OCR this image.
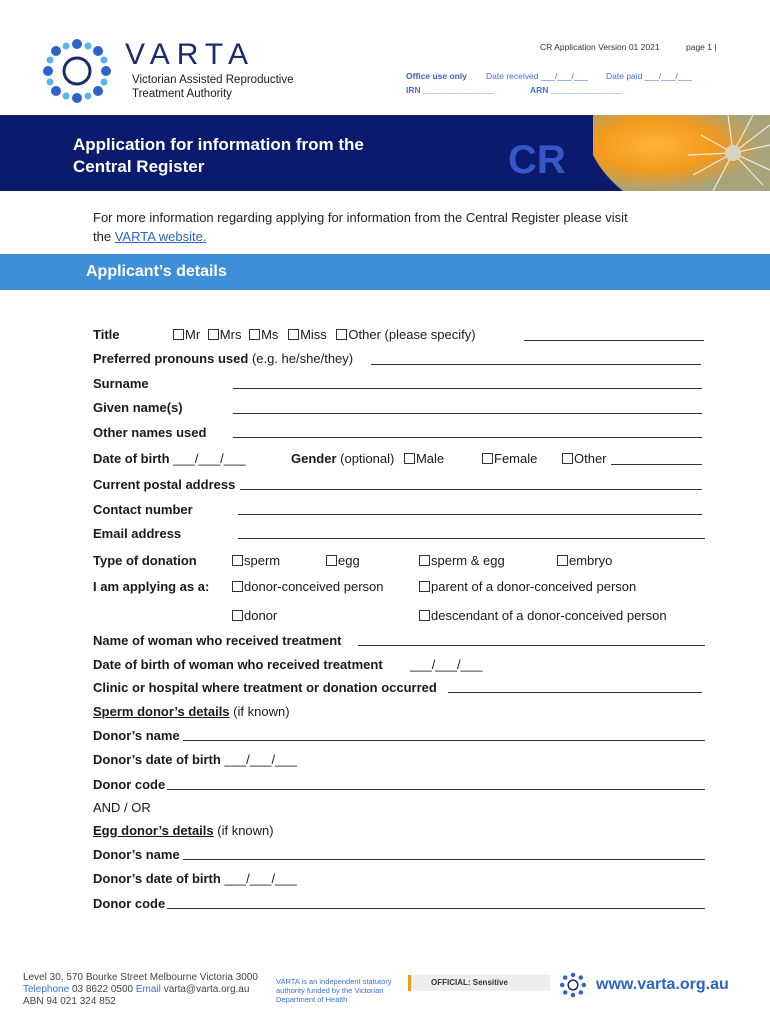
VARTA
Victorian Assisted Reproductive
Treatment Authority
CR Application Version 01 2021	page 1 |
Office use only Date received ___/___/___ Date paid ___/___/___
IRN _______________	ARN _______________
Application for information from the
Central Register	CR
For more information regarding applying for information from the Central Register please visit
the VARTA website.
Applicant’s details
Title	Mr Mrs Ms Miss Other (please specify)
Preferred pronouns used (e.g. he/she/they)
Surname
Given name(s)
Other names used
Date of birth ___/___/___	Gender (optional) Male	Female	Other
Current postal address
Contact number
Email address
Type of donation	sperm	egg	sperm & egg	embryo
I am applying as a:	donor-conceived person	parent of a donor-conceived person
donor	descendant of a donor-conceived person
Name of woman who received treatment
Date of birth of woman who received treatment ___/___/___
Clinic or hospital where treatment or donation occurred
Sperm donor’s details (if known)
Donor’s name
Donor’s date of birth ___/___/___
Donor code
AND / OR
Egg donor’s details (if known)
Donor’s name
Donor’s date of birth ___/___/___
Donor code
Level 30, 570 Bourke Street Melbourne Victoria 3000
Telephone 03 8622 0500 Email varta@varta.org.au
ABN 94 021 324 852
VARTA is an independent statutory
authority funded by the Victorian
Department of Health
OFFICIAL: Sensitive	www.varta.org.au
